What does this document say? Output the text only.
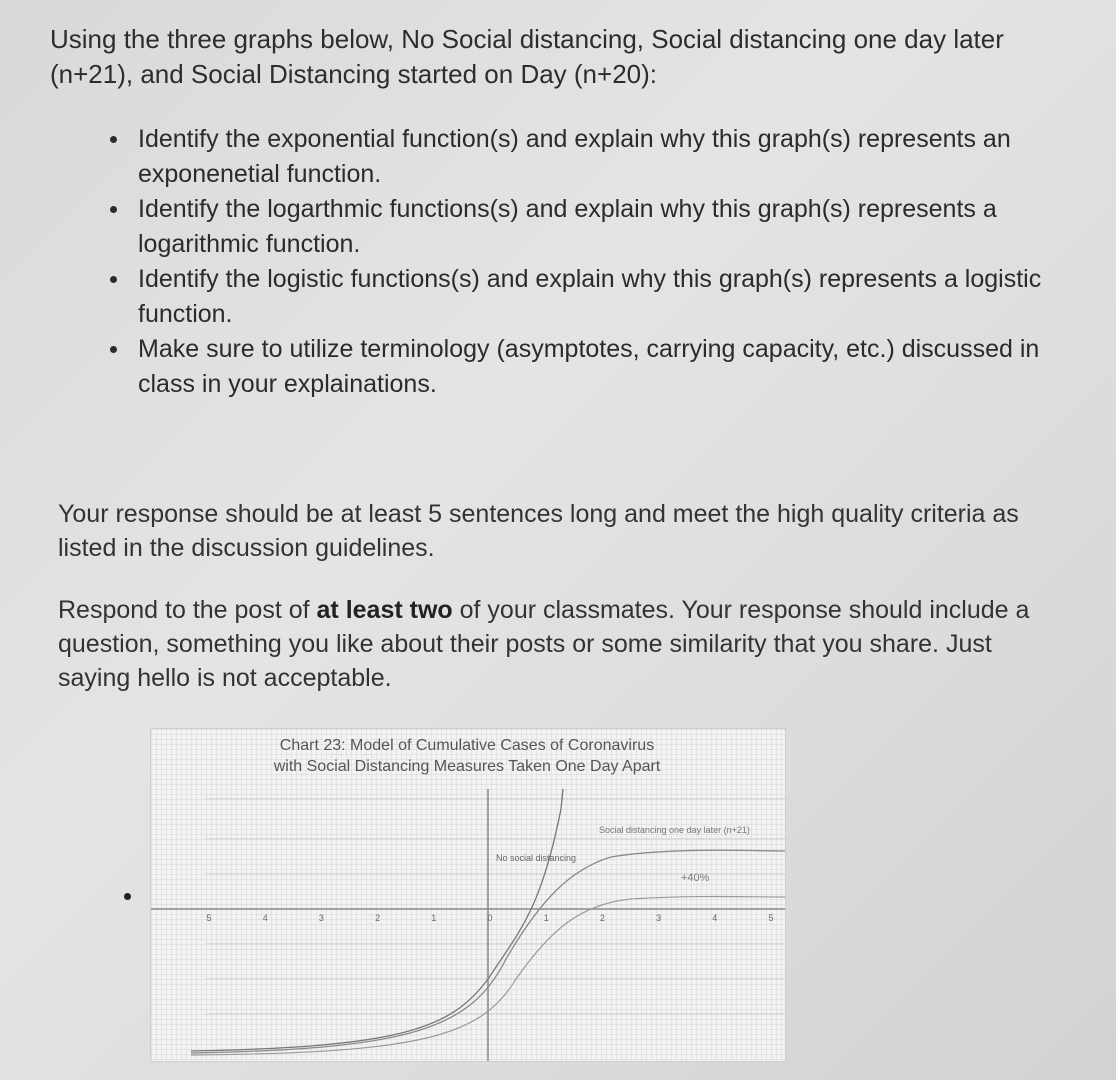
Using the three graphs below, No Social distancing, Social distancing one day later (n+21), and Social Distancing started on Day (n+20):
Identify the exponential function(s) and explain why this graph(s) represents an exponenetial function.
Identify the logarthmic functions(s) and explain why this graph(s) represents a logarithmic function.
Identify the logistic functions(s) and explain why this graph(s) represents a logistic function.
Make sure to utilize terminology (asymptotes, carrying capacity, etc.) discussed in class in your explainations.
Your response should be at least 5 sentences long and meet the high quality criteria as listed in the discussion guidelines.
Respond to the post of at least two of your classmates. Your response should include a question, something you like about their posts or some similarity that you share. Just saying hello is not acceptable.
5	4	3	2	1	0	1	2	3	4	5
No social distancing
Social distancing one day later (n+21)
+40%
Chart 23: Model of Cumulative Cases of Coronavirus
with Social Distancing Measures Taken One Day Apart
